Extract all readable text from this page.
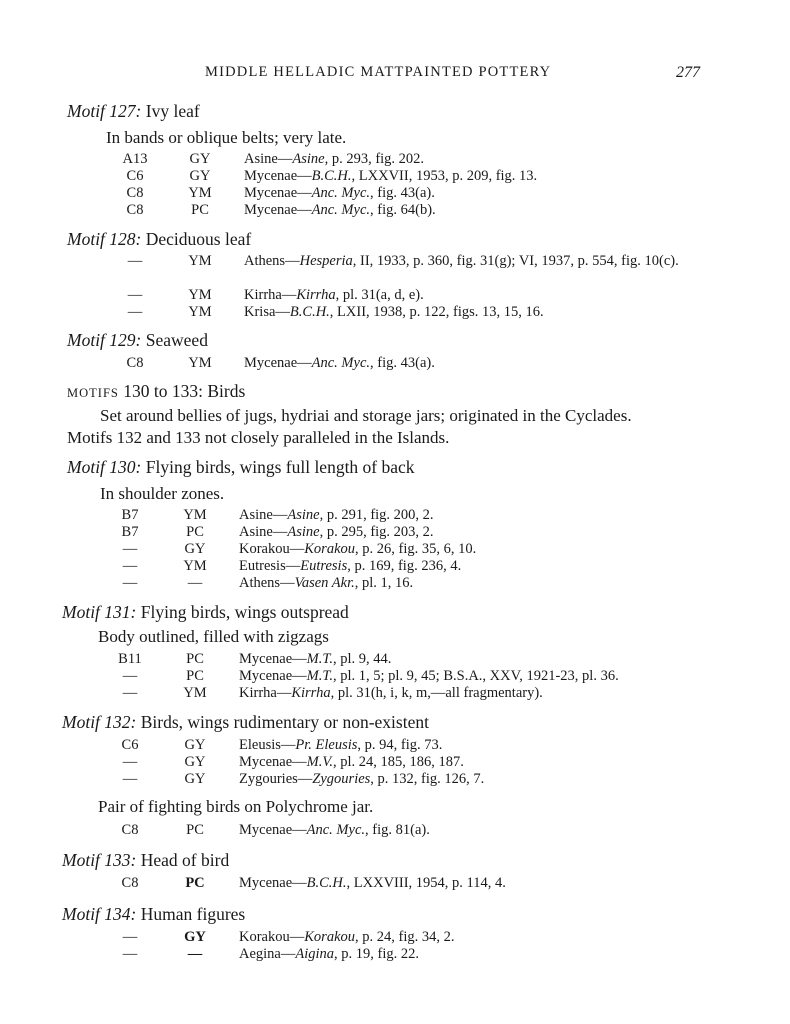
MIDDLE HELLADIC MATTPAINTED POTTERY	277
Motif 127: Ivy leaf
In bands or oblique belts; very late.
A13	GY	Asine—Asine, p. 293, fig. 202.
C6	GY	Mycenae—B.C.H., LXXVII, 1953, p. 209, fig. 13.
C8	YM	Mycenae—Anc. Myc., fig. 43(a).
C8	PC	Mycenae—Anc. Myc., fig. 64(b).
Motif 128: Deciduous leaf
—	YM	Athens—Hesperia, II, 1933, p. 360, fig. 31(g); VI, 1937, p. 554, fig. 10(c).
—	YM	Kirrha—Kirrha, pl. 31(a, d, e).
—	YM	Krisa—B.C.H., LXII, 1938, p. 122, figs. 13, 15, 16.
Motif 129: Seaweed
C8	YM	Mycenae—Anc. Myc., fig. 43(a).
MOTIFS 130 to 133: Birds
Set around bellies of jugs, hydriai and storage jars; originated in the Cyclades.
Motifs 132 and 133 not closely paralleled in the Islands.
Motif 130: Flying birds, wings full length of back
In shoulder zones.
B7	YM	Asine—Asine, p. 291, fig. 200, 2.
B7	PC	Asine—Asine, p. 295, fig. 203, 2.
—	GY	Korakou—Korakou, p. 26, fig. 35, 6, 10.
—	YM	Eutresis—Eutresis, p. 169, fig. 236, 4.
—	—	Athens—Vasen Akr., pl. 1, 16.
Motif 131: Flying birds, wings outspread
Body outlined, filled with zigzags
B11	PC	Mycenae—M.T., pl. 9, 44.
—	PC	Mycenae—M.T., pl. 1, 5; pl. 9, 45; B.S.A., XXV, 1921-23, pl. 36.
—	YM	Kirrha—Kirrha, pl. 31(h, i, k, m,—all fragmentary).
Motif 132: Birds, wings rudimentary or non-existent
C6	GY	Eleusis—Pr. Eleusis, p. 94, fig. 73.
—	GY	Mycenae—M.V., pl. 24, 185, 186, 187.
—	GY	Zygouries—Zygouries, p. 132, fig. 126, 7.
Pair of fighting birds on Polychrome jar.
C8	PC	Mycenae—Anc. Myc., fig. 81(a).
Motif 133: Head of bird
C8	PC	Mycenae—B.C.H., LXXVIII, 1954, p. 114, 4.
Motif 134: Human figures
—	GY	Korakou—Korakou, p. 24, fig. 34, 2.
—	—	Aegina—Aigina, p. 19, fig. 22.
